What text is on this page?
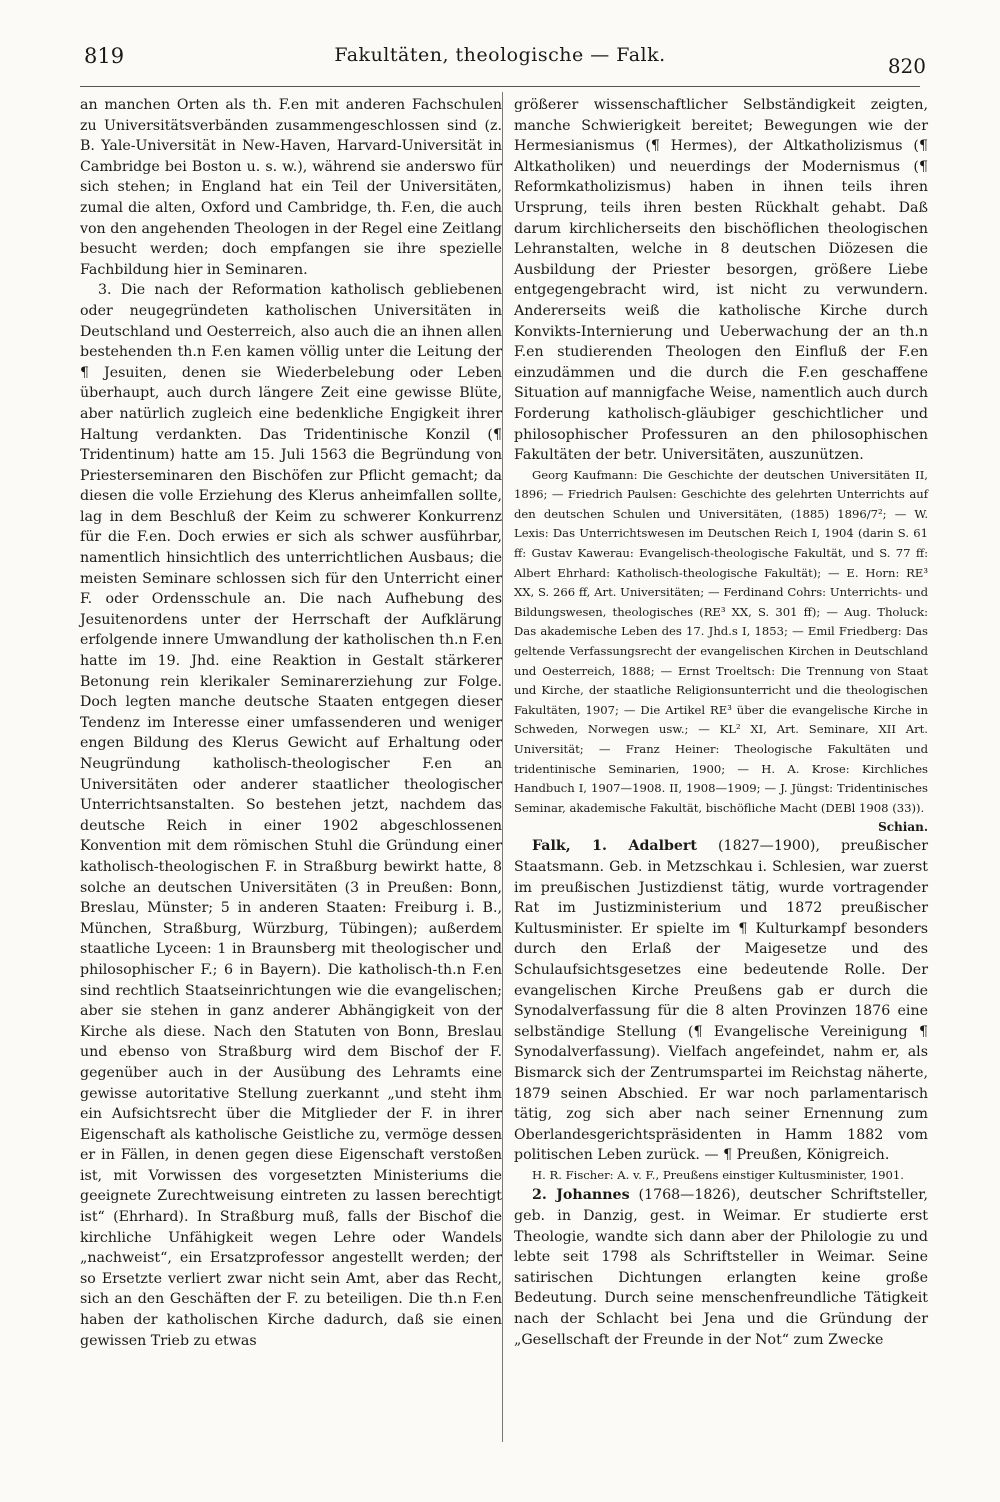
819	Fakultäten, theologische — Falk.	820

an manchen Orten als th. F.en mit anderen Fachschulen zu Universitätsverbänden zusammengeschlossen sind (z. B. Yale-Universität in New-Haven, Harvard-Universität in Cambridge bei Boston u. s. w.), während sie anderswo für sich stehen; in England hat ein Teil der Universitäten, zumal die alten, Oxford und Cambridge, th. F.en, die auch von den angehenden Theologen in der Regel eine Zeitlang besucht werden; doch empfangen sie ihre spezielle Fachbildung hier in Seminaren.

3. Die nach der Reformation katholisch gebliebenen oder neugegründeten katholischen Universitäten in Deutschland und Oesterreich, also auch die an ihnen allen bestehenden th.n F.en kamen völlig unter die Leitung der ¶ Jesuiten, denen sie Wiederbelebung oder Leben überhaupt, auch durch längere Zeit eine gewisse Blüte, aber natürlich zugleich eine bedenkliche Engigkeit ihrer Haltung verdankten. Das Tridentinische Konzil (¶ Tridentinum) hatte am 15. Juli 1563 die Begründung von Priesterseminaren den Bischöfen zur Pflicht gemacht; da diesen die volle Erziehung des Klerus anheimfallen sollte, lag in dem Beschluß der Keim zu schwerer Konkurrenz für die F.en. Doch erwies er sich als schwer ausführbar, namentlich hinsichtlich des unterrichtlichen Ausbaus; die meisten Seminare schlossen sich für den Unterricht einer F. oder Ordensschule an. Die nach Aufhebung des Jesuitenordens unter der Herrschaft der Aufklärung erfolgende innere Umwandlung der katholischen th.n F.en hatte im 19. Jhd. eine Reaktion in Gestalt stärkerer Betonung rein klerikaler Seminarerziehung zur Folge. Doch legten manche deutsche Staaten entgegen dieser Tendenz im Interesse einer umfassenderen und weniger engen Bildung des Klerus Gewicht auf Erhaltung oder Neugründung katholisch-theologischer F.en an Universitäten oder anderer staatlicher theologischer Unterrichtsanstalten. So bestehen jetzt, nachdem das deutsche Reich in einer 1902 abgeschlossenen Konvention mit dem römischen Stuhl die Gründung einer katholisch-theologischen F. in Straßburg bewirkt hatte, 8 solche an deutschen Universitäten (3 in Preußen: Bonn, Breslau, Münster; 5 in anderen Staaten: Freiburg i. B., München, Straßburg, Würzburg, Tübingen); außerdem staatliche Lyceen: 1 in Braunsberg mit theologischer und philosophischer F.; 6 in Bayern). Die katholisch-th.n F.en sind rechtlich Staatseinrichtungen wie die evangelischen; aber sie stehen in ganz anderer Abhängigkeit von der Kirche als diese. Nach den Statuten von Bonn, Breslau und ebenso von Straßburg wird dem Bischof der F. gegenüber auch in der Ausübung des Lehramts eine gewisse autoritative Stellung zuerkannt „und steht ihm ein Aufsichtsrecht über die Mitglieder der F. in ihrer Eigenschaft als katholische Geistliche zu, vermöge dessen er in Fällen, in denen gegen diese Eigenschaft verstoßen ist, mit Vorwissen des vorgesetzten Ministeriums die geeignete Zurechtweisung eintreten zu lassen berechtigt ist“ (Ehrhard). In Straßburg muß, falls der Bischof die kirchliche Unfähigkeit wegen Lehre oder Wandels „nachweist“, ein Ersatzprofessor angestellt werden; der so Ersetzte verliert zwar nicht sein Amt, aber das Recht, sich an den Geschäften der F. zu beteiligen. Die th.n F.en haben der katholischen Kirche dadurch, daß sie einen gewissen Trieb zu etwas

größerer wissenschaftlicher Selbständigkeit zeigten, manche Schwierigkeit bereitet; Bewegungen wie der Hermesianismus (¶ Hermes), der Altkatholizismus (¶ Altkatholiken) und neuerdings der Modernismus (¶ Reformkatholizismus) haben in ihnen teils ihren Ursprung, teils ihren besten Rückhalt gehabt. Daß darum kirchlicherseits den bischöflichen theologischen Lehranstalten, welche in 8 deutschen Diözesen die Ausbildung der Priester besorgen, größere Liebe entgegengebracht wird, ist nicht zu verwundern. Andererseits weiß die katholische Kirche durch Konvikts-Internierung und Ueberwachung der an th.n F.en studierenden Theologen den Einfluß der F.en einzudämmen und die durch die F.en geschaffene Situation auf mannigfache Weise, namentlich auch durch Forderung katholisch-gläubiger geschichtlicher und philosophischer Professuren an den philosophischen Fakultäten der betr. Universitäten, auszunützen.

Georg Kaufmann: Die Geschichte der deutschen Universitäten II, 1896; — Friedrich Paulsen: Geschichte des gelehrten Unterrichts auf den deutschen Schulen und Universitäten, (1885) 1896/7²; — W. Lexis: Das Unterrichtswesen im Deutschen Reich I, 1904 (darin S. 61 ff: Gustav Kawerau: Evangelisch-theologische Fakultät, und S. 77 ff: Albert Ehrhard: Katholisch-theologische Fakultät); — E. Horn: RE³ XX, S. 266 ff, Art. Universitäten; — Ferdinand Cohrs: Unterrichts- und Bildungswesen, theologisches (RE³ XX, S. 301 ff); — Aug. Tholuck: Das akademische Leben des 17. Jhd.s I, 1853; — Emil Friedberg: Das geltende Verfassungsrecht der evangelischen Kirchen in Deutschland und Oesterreich, 1888; — Ernst Troeltsch: Die Trennung von Staat und Kirche, der staatliche Religionsunterricht und die theologischen Fakultäten, 1907; — Die Artikel RE³ über die evangelische Kirche in Schweden, Norwegen usw.; — KL² XI, Art. Seminare, XII Art. Universität; — Franz Heiner: Theologische Fakultäten und tridentinische Seminarien, 1900; — H. A. Krose: Kirchliches Handbuch I, 1907—1908. II, 1908—1909; — J. Jüngst: Tridentinisches Seminar, akademische Fakultät, bischöfliche Macht (DEBl 1908 (33)).

Schian.

Falk, 1. Adalbert (1827—1900), preußischer Staatsmann. Geb. in Metzschkau i. Schlesien, war zuerst im preußischen Justizdienst tätig, wurde vortragender Rat im Justizministerium und 1872 preußischer Kultusminister. Er spielte im ¶ Kulturkampf besonders durch den Erlaß der Maigesetze und des Schulaufsichtsgesetzes eine bedeutende Rolle. Der evangelischen Kirche Preußens gab er durch die Synodalverfassung für die 8 alten Provinzen 1876 eine selbständige Stellung (¶ Evangelische Vereinigung ¶ Synodalverfassung). Vielfach angefeindet, nahm er, als Bismarck sich der Zentrumspartei im Reichstag näherte, 1879 seinen Abschied. Er war noch parlamentarisch tätig, zog sich aber nach seiner Ernennung zum Oberlandesgerichtspräsidenten in Hamm 1882 vom politischen Leben zurück. — ¶ Preußen, Königreich.

H. R. Fischer: A. v. F., Preußens einstiger Kultusminister, 1901.

2. Johannes (1768—1826), deutscher Schriftsteller, geb. in Danzig, gest. in Weimar. Er studierte erst Theologie, wandte sich dann aber der Philologie zu und lebte seit 1798 als Schriftsteller in Weimar. Seine satirischen Dichtungen erlangten keine große Bedeutung. Durch seine menschenfreundliche Tätigkeit nach der Schlacht bei Jena und die Gründung der „Gesellschaft der Freunde in der Not“ zum Zwecke
